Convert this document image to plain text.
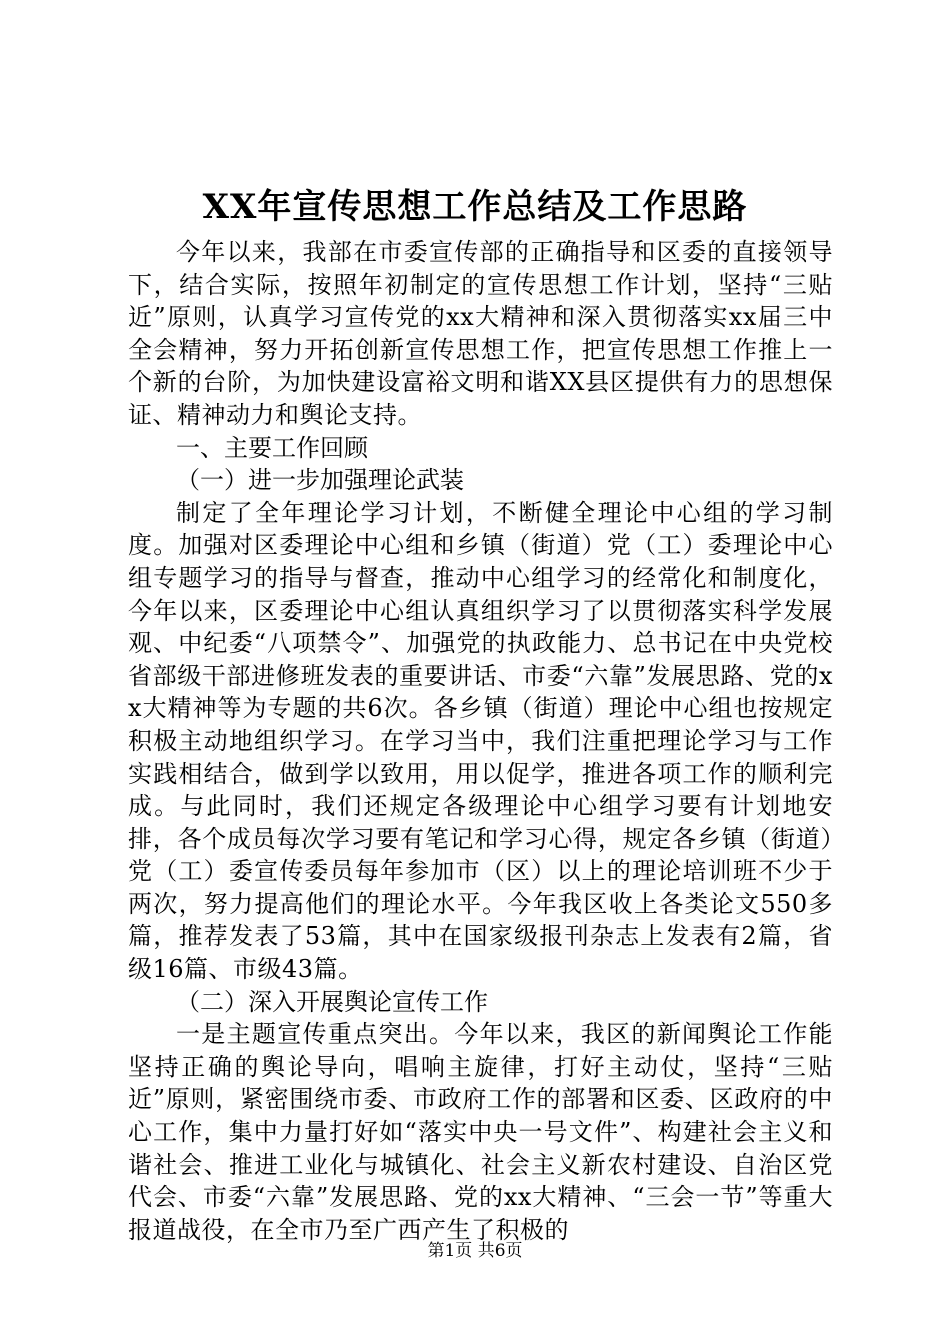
XX年宣传思想工作总结及工作思路

今年以来，我部在市委宣传部的正确指导和区委的直接领导下，结合实际，按照年初制定的宣传思想工作计划，坚持“三贴近”原则，认真学习宣传党的xx大精神和深入贯彻落实xx届三中全会精神，努力开拓创新宣传思想工作，把宣传思想工作推上一个新的台阶，为加快建设富裕文明和谐XX县区提供有力的思想保证、精神动力和舆论支持。

一、主要工作回顾

（一）进一步加强理论武装

制定了全年理论学习计划，不断健全理论中心组的学习制度。加强对区委理论中心组和乡镇（街道）党（工）委理论中心组专题学习的指导与督查，推动中心组学习的经常化和制度化，今年以来，区委理论中心组认真组织学习了以贯彻落实科学发展观、中纪委“八项禁令”、加强党的执政能力、总书记在中央党校省部级干部进修班发表的重要讲话、市委“六靠”发展思路、党的xx大精神等为专题的共6次。各乡镇（街道）理论中心组也按规定积极主动地组织学习。在学习当中，我们注重把理论学习与工作实践相结合，做到学以致用，用以促学，推进各项工作的顺利完成。与此同时，我们还规定各级理论中心组学习要有计划地安排，各个成员每次学习要有笔记和学习心得，规定各乡镇（街道）党（工）委宣传委员每年参加市（区）以上的理论培训班不少于两次，努力提高他们的理论水平。今年我区收上各类论文550多篇，推荐发表了53篇，其中在国家级报刊杂志上发表有2篇，省级16篇、市级43篇。

（二）深入开展舆论宣传工作

一是主题宣传重点突出。今年以来，我区的新闻舆论工作能坚持正确的舆论导向，唱响主旋律，打好主动仗，坚持“三贴近”原则，紧密围绕市委、市政府工作的部署和区委、区政府的中心工作，集中力量打好如“落实中央一号文件”、构建社会主义和谐社会、推进工业化与城镇化、社会主义新农村建设、自治区党代会、市委“六靠”发展思路、党的xx大精神、“三会一节”等重大报道战役，在全市乃至广西产生了积极的

第1页 共6页
